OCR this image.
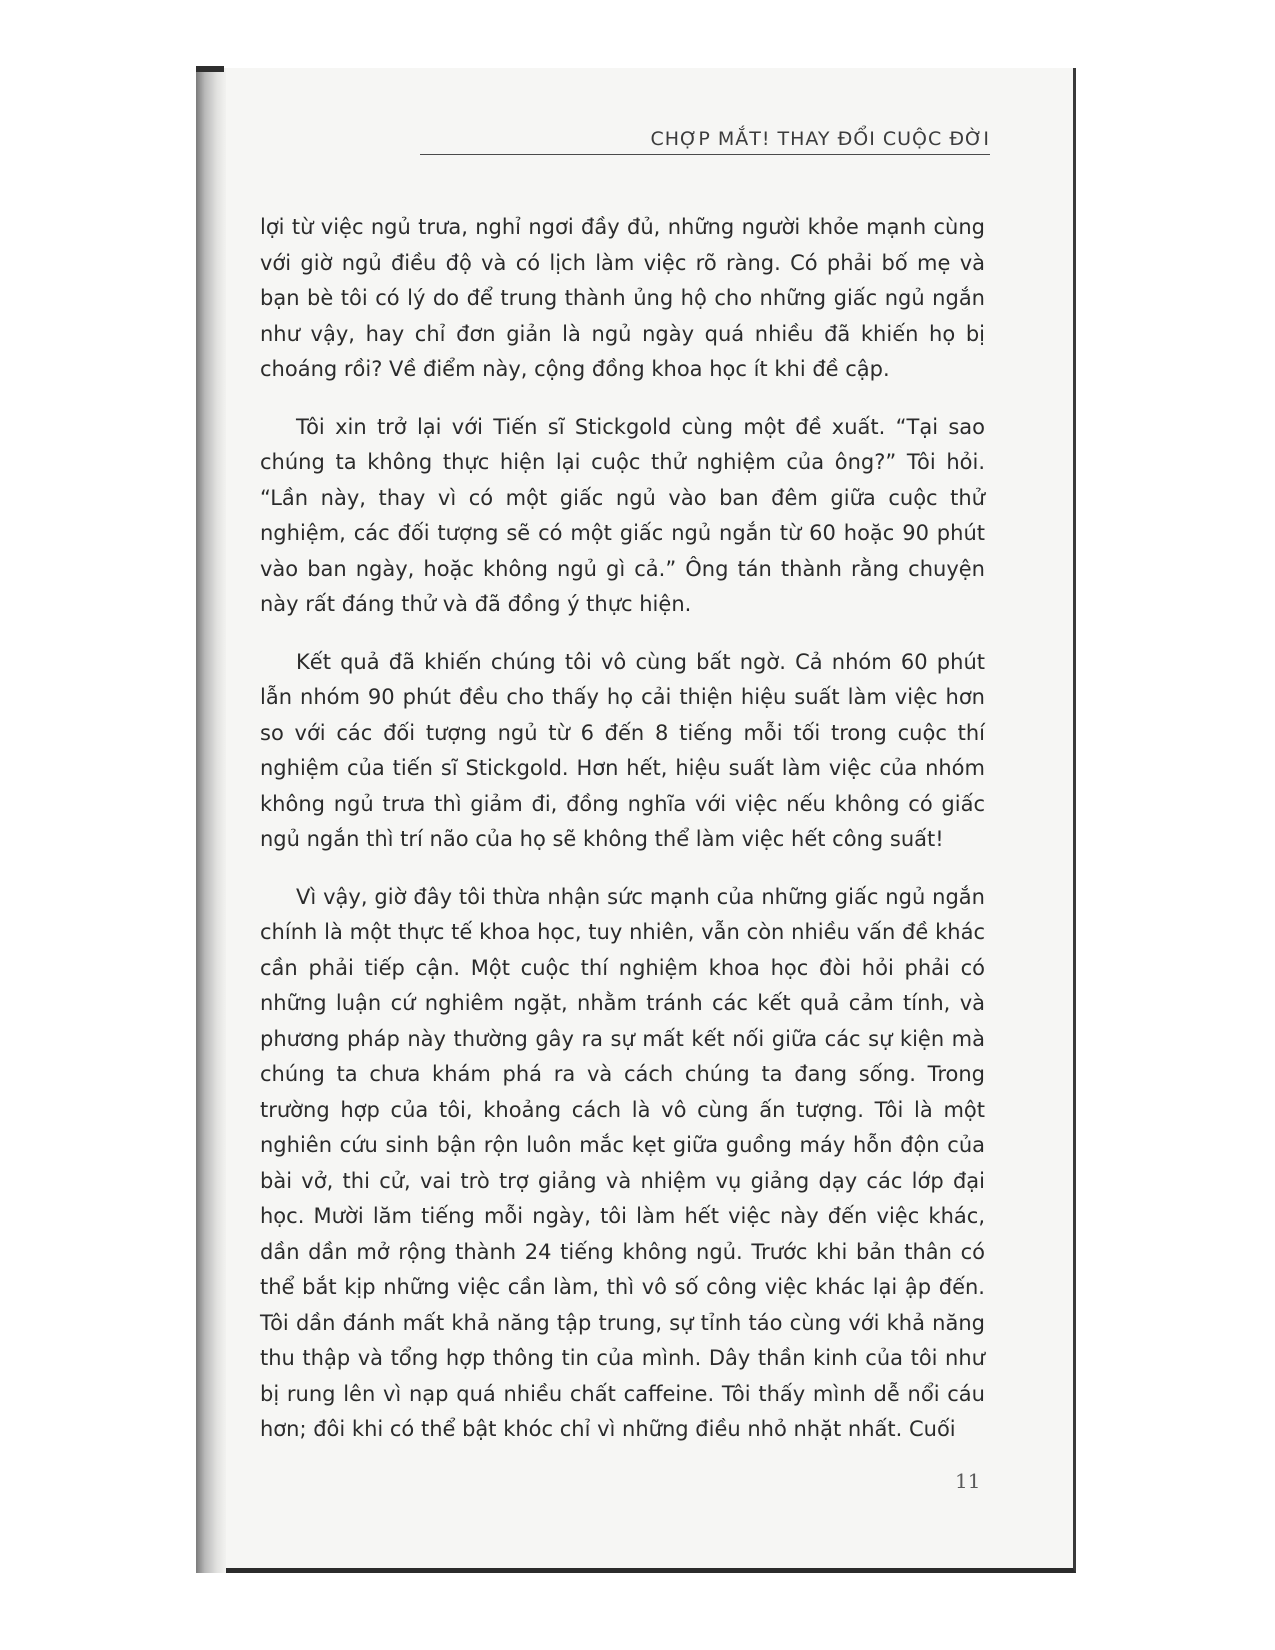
CHỢP MẮT! THAY ĐỔI CUỘC ĐỜI

lợi từ việc ngủ trưa, nghỉ ngơi đầy đủ, những người khỏe mạnh cùng với giờ ngủ điều độ và có lịch làm việc rõ ràng. Có phải bố mẹ và bạn bè tôi có lý do để trung thành ủng hộ cho những giấc ngủ ngắn như vậy, hay chỉ đơn giản là ngủ ngày quá nhiều đã khiến họ bị choáng rồi? Về điểm này, cộng đồng khoa học ít khi đề cập.

Tôi xin trở lại với Tiến sĩ Stickgold cùng một đề xuất. “Tại sao chúng ta không thực hiện lại cuộc thử nghiệm của ông?” Tôi hỏi. “Lần này, thay vì có một giấc ngủ vào ban đêm giữa cuộc thử nghiệm, các đối tượng sẽ có một giấc ngủ ngắn từ 60 hoặc 90 phút vào ban ngày, hoặc không ngủ gì cả.” Ông tán thành rằng chuyện này rất đáng thử và đã đồng ý thực hiện.

Kết quả đã khiến chúng tôi vô cùng bất ngờ. Cả nhóm 60 phút lẫn nhóm 90 phút đều cho thấy họ cải thiện hiệu suất làm việc hơn so với các đối tượng ngủ từ 6 đến 8 tiếng mỗi tối trong cuộc thí nghiệm của tiến sĩ Stickgold. Hơn hết, hiệu suất làm việc của nhóm không ngủ trưa thì giảm đi, đồng nghĩa với việc nếu không có giấc ngủ ngắn thì trí não của họ sẽ không thể làm việc hết công suất!

Vì vậy, giờ đây tôi thừa nhận sức mạnh của những giấc ngủ ngắn chính là một thực tế khoa học, tuy nhiên, vẫn còn nhiều vấn đề khác cần phải tiếp cận. Một cuộc thí nghiệm khoa học đòi hỏi phải có những luận cứ nghiêm ngặt, nhằm tránh các kết quả cảm tính, và phương pháp này thường gây ra sự mất kết nối giữa các sự kiện mà chúng ta chưa khám phá ra và cách chúng ta đang sống. Trong trường hợp của tôi, khoảng cách là vô cùng ấn tượng. Tôi là một nghiên cứu sinh bận rộn luôn mắc kẹt giữa guồng máy hỗn độn của bài vở, thi cử, vai trò trợ giảng và nhiệm vụ giảng dạy các lớp đại học. Mười lăm tiếng mỗi ngày, tôi làm hết việc này đến việc khác, dần dần mở rộng thành 24 tiếng không ngủ. Trước khi bản thân có thể bắt kịp những việc cần làm, thì vô số công việc khác lại ập đến. Tôi dần đánh mất khả năng tập trung, sự tỉnh táo cùng với khả năng thu thập và tổng hợp thông tin của mình. Dây thần kinh của tôi như bị rung lên vì nạp quá nhiều chất caffeine. Tôi thấy mình dễ nổi cáu hơn; đôi khi có thể bật khóc chỉ vì những điều nhỏ nhặt nhất. Cuối

11
